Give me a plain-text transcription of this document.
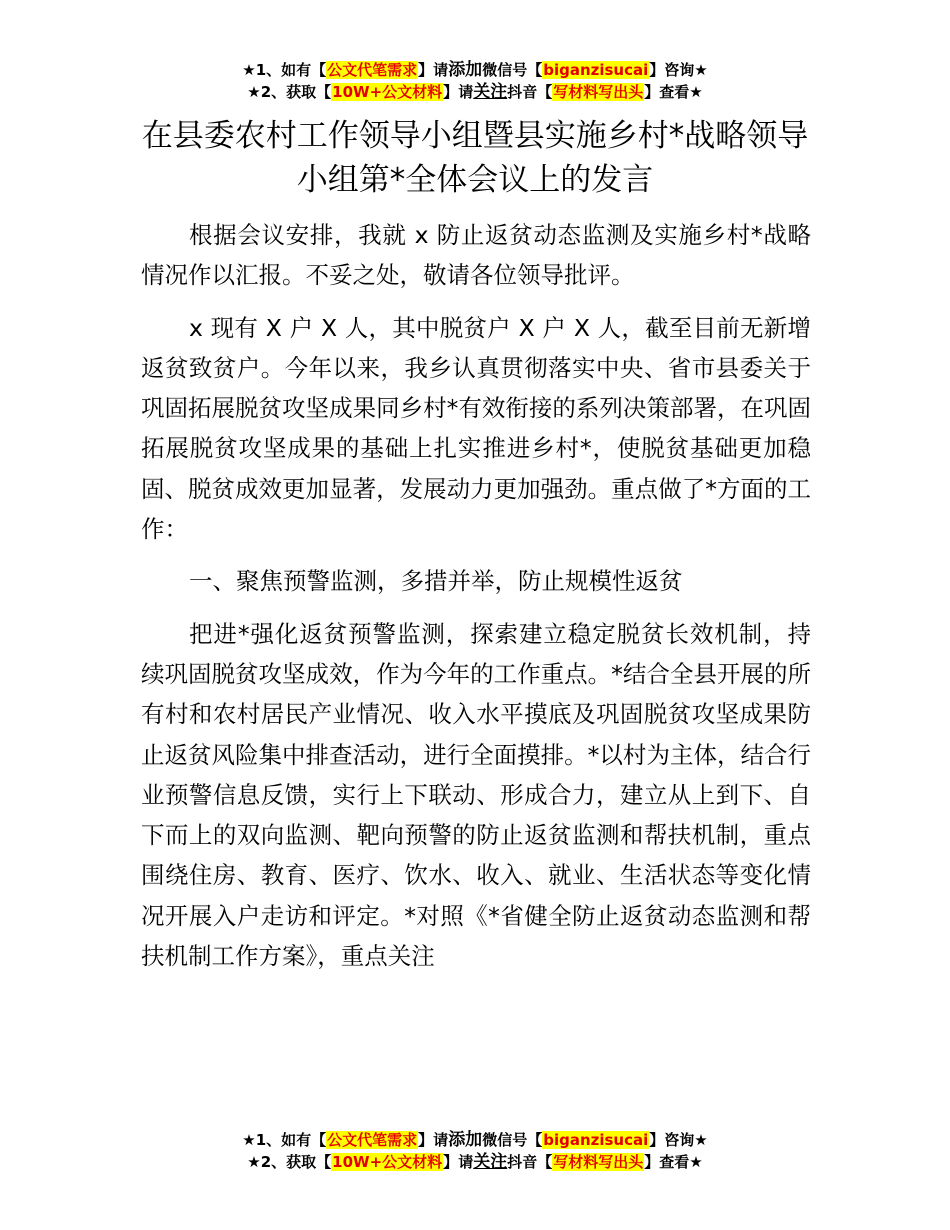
★1、如有【公文代笔需求】请添加微信号【biganzisucai】咨询★
★2、获取【10W+公文材料】请关注抖音【写材料写出头】查看★
在县委农村工作领导小组暨县实施乡村*战略领导小组第*全体会议上的发言

根据会议安排，我就 x 防止返贫动态监测及实施乡村*战略情况作以汇报。不妥之处，敬请各位领导批评。

x 现有 X 户 X 人，其中脱贫户 X 户 X 人，截至目前无新增返贫致贫户。今年以来，我乡认真贯彻落实中央、省市县委关于巩固拓展脱贫攻坚成果同乡村*有效衔接的系列决策部署，在巩固拓展脱贫攻坚成果的基础上扎实推进乡村*，使脱贫基础更加稳固、脱贫成效更加显著，发展动力更加强劲。重点做了*方面的工作：

一、聚焦预警监测，多措并举，防止规模性返贫

把进*强化返贫预警监测，探索建立稳定脱贫长效机制，持续巩固脱贫攻坚成效，作为今年的工作重点。*结合全县开展的所有村和农村居民产业情况、收入水平摸底及巩固脱贫攻坚成果防止返贫风险集中排查活动，进行全面摸排。*以村为主体，结合行业预警信息反馈，实行上下联动、形成合力，建立从上到下、自下而上的双向监测、靶向预警的防止返贫监测和帮扶机制，重点围绕住房、教育、医疗、饮水、收入、就业、生活状态等变化情况开展入户走访和评定。*对照《*省健全防止返贫动态监测和帮扶机制工作方案》，重点关注

★1、如有【公文代笔需求】请添加微信号【biganzisucai】咨询★
★2、获取【10W+公文材料】请关注抖音【写材料写出头】查看★
